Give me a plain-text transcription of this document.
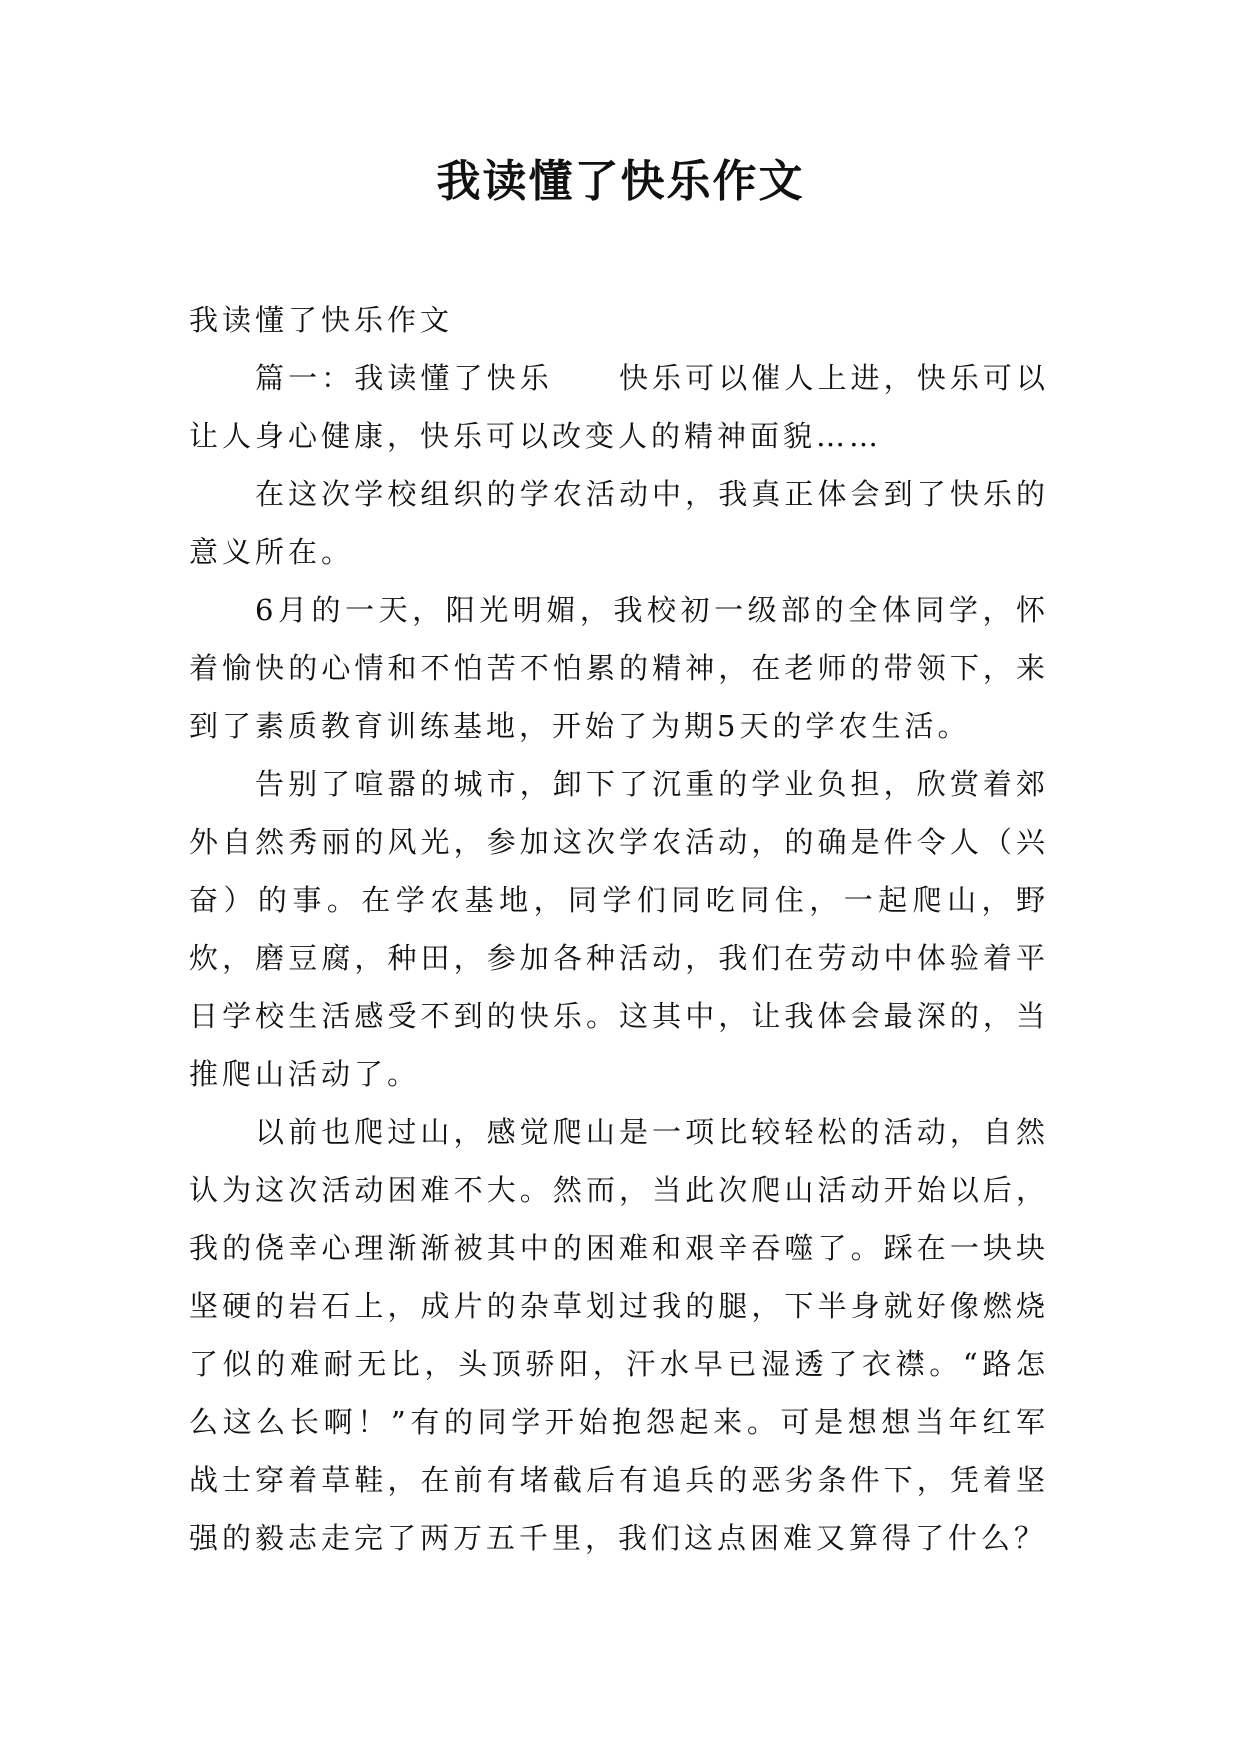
我读懂了快乐作文

我读懂了快乐作文

篇一：我读懂了快乐　　快乐可以催人上进，快乐可以让人身心健康，快乐可以改变人的精神面貌……

在这次学校组织的学农活动中，我真正体会到了快乐的意义所在。

6月的一天，阳光明媚，我校初一级部的全体同学，怀着愉快的心情和不怕苦不怕累的精神，在老师的带领下，来到了素质教育训练基地，开始了为期5天的学农生活。

告别了喧嚣的城市，卸下了沉重的学业负担，欣赏着郊外自然秀丽的风光，参加这次学农活动，的确是件令人（兴奋）的事。在学农基地，同学们同吃同住，一起爬山，野炊，磨豆腐，种田，参加各种活动，我们在劳动中体验着平日学校生活感受不到的快乐。这其中，让我体会最深的，当推爬山活动了。

以前也爬过山，感觉爬山是一项比较轻松的活动，自然认为这次活动困难不大。然而，当此次爬山活动开始以后，我的侥幸心理渐渐被其中的困难和艰辛吞噬了。踩在一块块坚硬的岩石上，成片的杂草划过我的腿，下半身就好像燃烧了似的难耐无比，头顶骄阳，汗水早已湿透了衣襟。“路怎么这么长啊！”有的同学开始抱怨起来。可是想想当年红军战士穿着草鞋，在前有堵截后有追兵的恶劣条件下，凭着坚强的毅志走完了两万五千里，我们这点困难又算得了什么？
